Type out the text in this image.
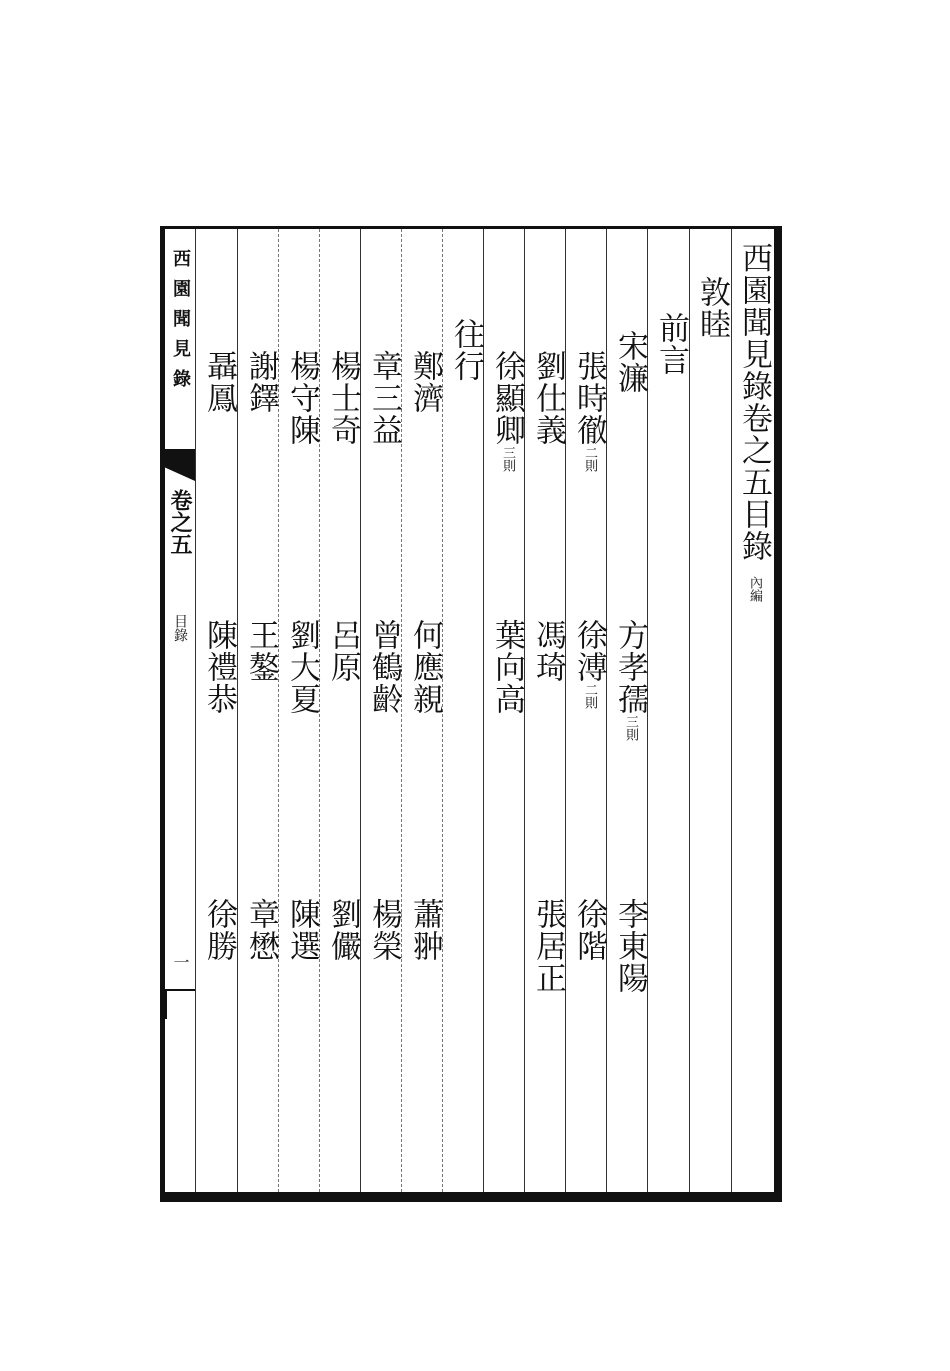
西園聞見錄卷之五目錄內編
敦睦
前言
宋濂
方孝孺三則
李東陽
張時徹二則
徐溥二則
徐階
劉仕義
馮琦
張居正
徐顯卿三則
葉向高
往行
鄭濟
何應親
蕭翀
章三益
曾鶴齡
楊榮
楊士奇
呂原
劉儼
楊守陳
劉大夏
陳選
謝鐸
王鏊
章懋
聶鳳
陳禮恭
徐勝
西園聞見錄
卷之五
目錄
一
